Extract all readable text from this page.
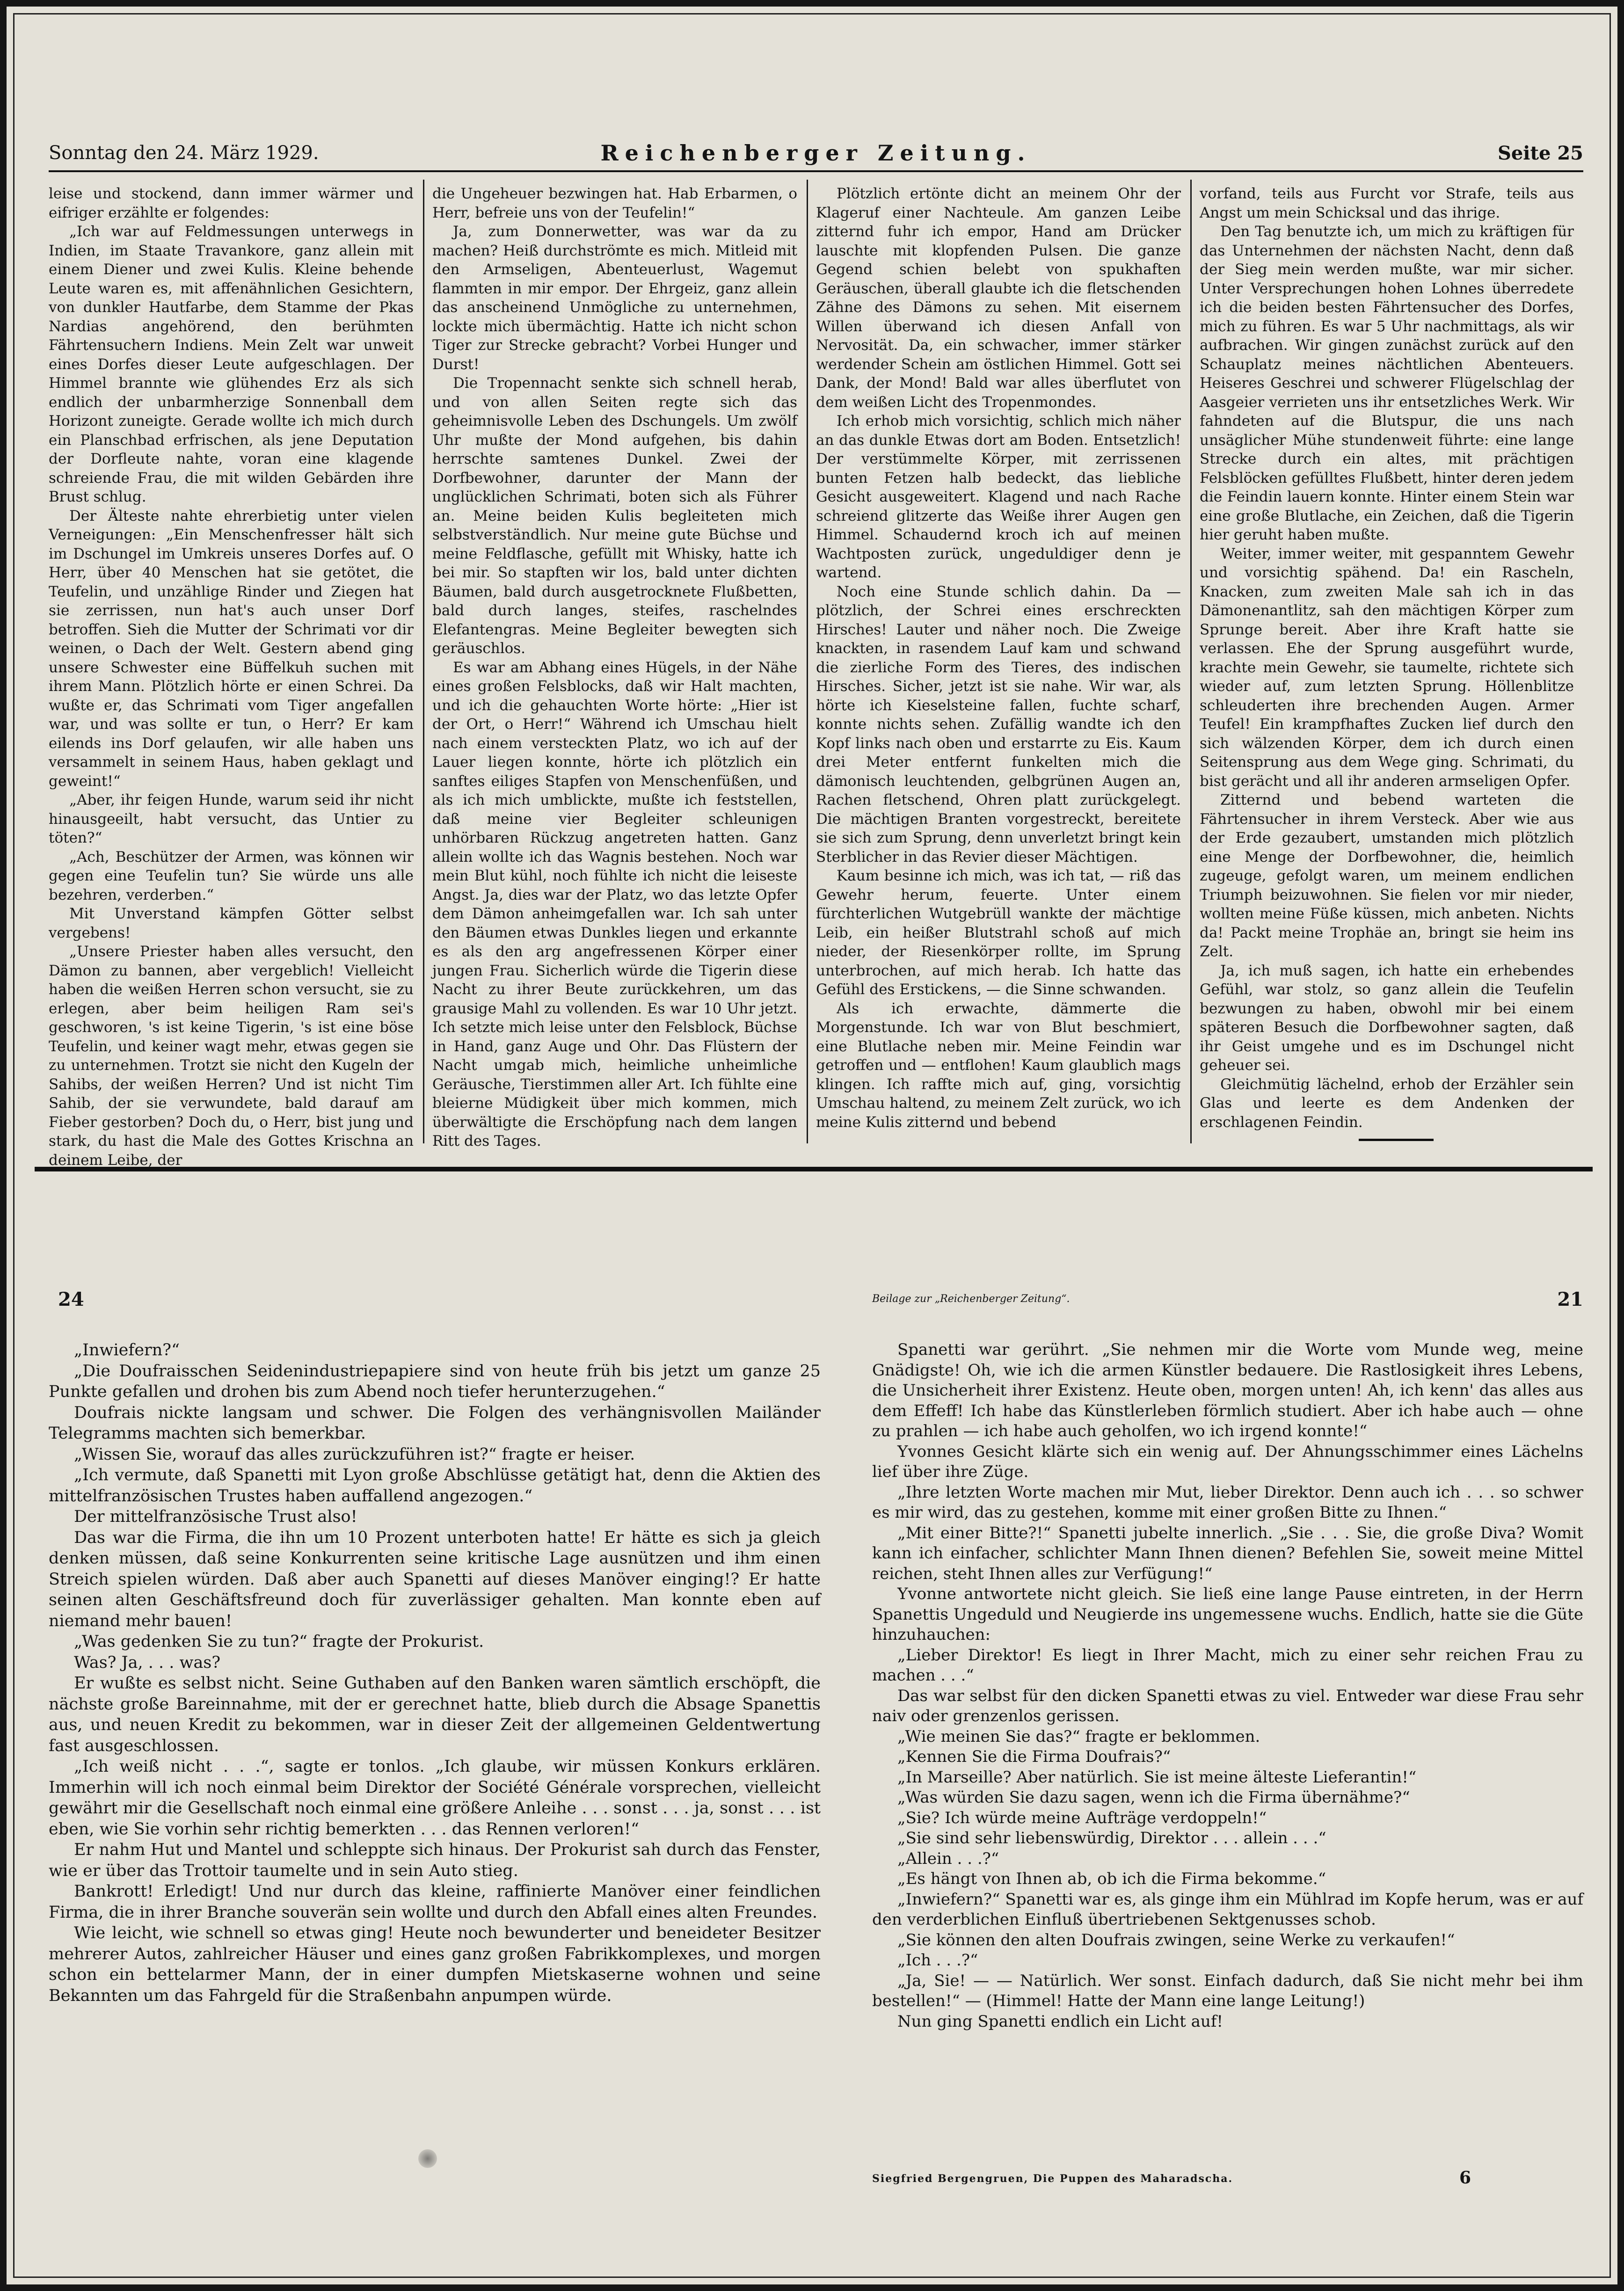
Sonntag den 24. März 1929.	Reichenberger Zeitung.	Seite 25

leise und stockend, dann immer wärmer und eifriger erzählte er folgendes:

„Ich war auf Feldmessungen unterwegs in Indien, im Staate Travankore, ganz allein mit einem Diener und zwei Kulis. Kleine behende Leute waren es, mit affenähnlichen Gesichtern, von dunkler Hautfarbe, dem Stamme der Pkas Nardias angehörend, den berühmten Fährtensuchern Indiens. Mein Zelt war unweit eines Dorfes dieser Leute aufgeschlagen. Der Himmel brannte wie glühendes Erz als sich endlich der unbarmherzige Sonnenball dem Horizont zuneigte. Gerade wollte ich mich durch ein Planschbad erfrischen, als jene Deputation der Dorfleute nahte, voran eine klagende schreiende Frau, die mit wilden Gebärden ihre Brust schlug.

Der Älteste nahte ehrerbietig unter vielen Verneigungen: „Ein Menschenfresser hält sich im Dschungel im Umkreis unseres Dorfes auf. O Herr, über 40 Menschen hat sie getötet, die Teufelin, und unzählige Rinder und Ziegen hat sie zerrissen, nun hat's auch unser Dorf betroffen. Sieh die Mutter der Schrimati vor dir weinen, o Dach der Welt. Gestern abend ging unsere Schwester eine Büffelkuh suchen mit ihrem Mann. Plötzlich hörte er einen Schrei. Da wußte er, das Schrimati vom Tiger angefallen war, und was sollte er tun, o Herr? Er kam eilends ins Dorf gelaufen, wir alle haben uns versammelt in seinem Haus, haben geklagt und geweint!“

„Aber, ihr feigen Hunde, warum seid ihr nicht hinausgeeilt, habt versucht, das Untier zu töten?“

„Ach, Beschützer der Armen, was können wir gegen eine Teufelin tun? Sie würde uns alle bezehren, verderben.“

Mit Unverstand kämpfen Götter selbst vergebens!

„Unsere Priester haben alles versucht, den Dämon zu bannen, aber vergeblich! Vielleicht haben die weißen Herren schon versucht, sie zu erlegen, aber beim heiligen Ram sei's geschworen, 's ist keine Tigerin, 's ist eine böse Teufelin, und keiner wagt mehr, etwas gegen sie zu unternehmen. Trotzt sie nicht den Kugeln der Sahibs, der weißen Herren? Und ist nicht Tim Sahib, der sie verwundete, bald darauf am Fieber gestorben? Doch du, o Herr, bist jung und stark, du hast die Male des Gottes Krischna an deinem Leibe, der

die Ungeheuer bezwingen hat. Hab Erbarmen, o Herr, befreie uns von der Teufelin!“

Ja, zum Donnerwetter, was war da zu machen? Heiß durchströmte es mich. Mitleid mit den Armseligen, Abenteuerlust, Wagemut flammten in mir empor. Der Ehrgeiz, ganz allein das anscheinend Unmögliche zu unternehmen, lockte mich übermächtig. Hatte ich nicht schon Tiger zur Strecke gebracht? Vorbei Hunger und Durst!

Die Tropennacht senkte sich schnell herab, und von allen Seiten regte sich das geheimnisvolle Leben des Dschungels. Um zwölf Uhr mußte der Mond aufgehen, bis dahin herrschte samtenes Dunkel. Zwei der Dorfbewohner, darunter der Mann der unglücklichen Schrimati, boten sich als Führer an. Meine beiden Kulis begleiteten mich selbstverständlich. Nur meine gute Büchse und meine Feldflasche, gefüllt mit Whisky, hatte ich bei mir. So stapften wir los, bald unter dichten Bäumen, bald durch ausgetrocknete Flußbetten, bald durch langes, steifes, raschelndes Elefantengras. Meine Begleiter bewegten sich geräuschlos.

Es war am Abhang eines Hügels, in der Nähe eines großen Felsblocks, daß wir Halt machten, und ich die gehauchten Worte hörte: „Hier ist der Ort, o Herr!“ Während ich Umschau hielt nach einem versteckten Platz, wo ich auf der Lauer liegen konnte, hörte ich plötzlich ein sanftes eiliges Stapfen von Menschenfüßen, und als ich mich umblickte, mußte ich feststellen, daß meine vier Begleiter schleunigen unhörbaren Rückzug angetreten hatten. Ganz allein wollte ich das Wagnis bestehen. Noch war mein Blut kühl, noch fühlte ich nicht die leiseste Angst. Ja, dies war der Platz, wo das letzte Opfer dem Dämon anheimgefallen war. Ich sah unter den Bäumen etwas Dunkles liegen und erkannte es als den arg angefressenen Körper einer jungen Frau. Sicherlich würde die Tigerin diese Nacht zu ihrer Beute zurückkehren, um das grausige Mahl zu vollenden. Es war 10 Uhr jetzt. Ich setzte mich leise unter den Felsblock, Büchse in Hand, ganz Auge und Ohr. Das Flüstern der Nacht umgab mich, heimliche unheimliche Geräusche, Tierstimmen aller Art. Ich fühlte eine bleierne Müdigkeit über mich kommen, mich überwältigte die Erschöpfung nach dem langen Ritt des Tages.

Plötzlich ertönte dicht an meinem Ohr der Klageruf einer Nachteule. Am ganzen Leibe zitternd fuhr ich empor, Hand am Drücker lauschte mit klopfenden Pulsen. Die ganze Gegend schien belebt von spukhaften Geräuschen, überall glaubte ich die fletschenden Zähne des Dämons zu sehen. Mit eisernem Willen überwand ich diesen Anfall von Nervosität. Da, ein schwacher, immer stärker werdender Schein am östlichen Himmel. Gott sei Dank, der Mond! Bald war alles überflutet von dem weißen Licht des Tropenmondes.

Ich erhob mich vorsichtig, schlich mich näher an das dunkle Etwas dort am Boden. Entsetzlich! Der verstümmelte Körper, mit zerrissenen bunten Fetzen halb bedeckt, das liebliche Gesicht ausgeweitert. Klagend und nach Rache schreiend glitzerte das Weiße ihrer Augen gen Himmel. Schaudernd kroch ich auf meinen Wachtposten zurück, ungeduldiger denn je wartend.

Noch eine Stunde schlich dahin. Da — plötzlich, der Schrei eines erschreckten Hirsches! Lauter und näher noch. Die Zweige knackten, in rasendem Lauf kam und schwand die zierliche Form des Tieres, des indischen Hirsches. Sicher, jetzt ist sie nahe. Wir war, als hörte ich Kieselsteine fallen, fuchte scharf, konnte nichts sehen. Zufällig wandte ich den Kopf links nach oben und erstarrte zu Eis. Kaum drei Meter entfernt funkelten mich die dämonisch leuchtenden, gelbgrünen Augen an, Rachen fletschend, Ohren platt zurückgelegt. Die mächtigen Branten vorgestreckt, bereitete sie sich zum Sprung, denn unverletzt bringt kein Sterblicher in das Revier dieser Mächtigen.

Kaum besinne ich mich, was ich tat, — riß das Gewehr herum, feuerte. Unter einem fürchterlichen Wutgebrüll wankte der mächtige Leib, ein heißer Blutstrahl schoß auf mich nieder, der Riesenkörper rollte, im Sprung unterbrochen, auf mich herab. Ich hatte das Gefühl des Erstickens, — die Sinne schwanden.

Als ich erwachte, dämmerte die Morgenstunde. Ich war von Blut beschmiert, eine Blutlache neben mir. Meine Feindin war getroffen und — entflohen! Kaum glaublich mags klingen. Ich raffte mich auf, ging, vorsichtig Umschau haltend, zu meinem Zelt zurück, wo ich meine Kulis zitternd und bebend

vorfand, teils aus Furcht vor Strafe, teils aus Angst um mein Schicksal und das ihrige.

Den Tag benutzte ich, um mich zu kräftigen für das Unternehmen der nächsten Nacht, denn daß der Sieg mein werden mußte, war mir sicher. Unter Versprechungen hohen Lohnes überredete ich die beiden besten Fährtensucher des Dorfes, mich zu führen. Es war 5 Uhr nachmittags, als wir aufbrachen. Wir gingen zunächst zurück auf den Schauplatz meines nächtlichen Abenteuers. Heiseres Geschrei und schwerer Flügelschlag der Aasgeier verrieten uns ihr entsetzliches Werk. Wir fahndeten auf die Blutspur, die uns nach unsäglicher Mühe stundenweit führte: eine lange Strecke durch ein altes, mit prächtigen Felsblöcken gefülltes Flußbett, hinter deren jedem die Feindin lauern konnte. Hinter einem Stein war eine große Blutlache, ein Zeichen, daß die Tigerin hier geruht haben mußte.

Weiter, immer weiter, mit gespanntem Gewehr und vorsichtig spähend. Da! ein Rascheln, Knacken, zum zweiten Male sah ich in das Dämonenantlitz, sah den mächtigen Körper zum Sprunge bereit. Aber ihre Kraft hatte sie verlassen. Ehe der Sprung ausgeführt wurde, krachte mein Gewehr, sie taumelte, richtete sich wieder auf, zum letzten Sprung. Höllenblitze schleuderten ihre brechenden Augen. Armer Teufel! Ein krampfhaftes Zucken lief durch den sich wälzenden Körper, dem ich durch einen Seitensprung aus dem Wege ging. Schrimati, du bist gerächt und all ihr anderen armseligen Opfer.

Zitternd und bebend warteten die Fährtensucher in ihrem Versteck. Aber wie aus der Erde gezaubert, umstanden mich plötzlich eine Menge der Dorfbewohner, die, heimlich zugeuge, gefolgt waren, um meinem endlichen Triumph beizuwohnen. Sie fielen vor mir nieder, wollten meine Füße küssen, mich anbeten. Nichts da! Packt meine Trophäe an, bringt sie heim ins Zelt.

Ja, ich muß sagen, ich hatte ein erhebendes Gefühl, war stolz, so ganz allein die Teufelin bezwungen zu haben, obwohl mir bei einem späteren Besuch die Dorfbewohner sagten, daß ihr Geist umgehe und es im Dschungel nicht geheuer sei.

Gleichmütig lächelnd, erhob der Erzähler sein Glas und leerte es dem Andenken der erschlagenen Feindin.

24

„Inwiefern?“

„Die Doufraisschen Seidenindustriepapiere sind von heute früh bis jetzt um ganze 25 Punkte gefallen und drohen bis zum Abend noch tiefer herunterzugehen.“

Doufrais nickte langsam und schwer. Die Folgen des verhängnisvollen Mailänder Telegramms machten sich bemerkbar.

„Wissen Sie, worauf das alles zurückzuführen ist?“ fragte er heiser.

„Ich vermute, daß Spanetti mit Lyon große Abschlüsse getätigt hat, denn die Aktien des mittelfranzösischen Trustes haben auffallend angezogen.“

Der mittelfranzösische Trust also!

Das war die Firma, die ihn um 10 Prozent unterboten hatte! Er hätte es sich ja gleich denken müssen, daß seine Konkurrenten seine kritische Lage ausnützen und ihm einen Streich spielen würden. Daß aber auch Spanetti auf dieses Manöver einging!? Er hatte seinen alten Geschäftsfreund doch für zuverlässiger gehalten. Man konnte eben auf niemand mehr bauen!

„Was gedenken Sie zu tun?“ fragte der Prokurist.

Was? Ja, . . . was?

Er wußte es selbst nicht. Seine Guthaben auf den Banken waren sämtlich erschöpft, die nächste große Bareinnahme, mit der er gerechnet hatte, blieb durch die Absage Spanettis aus, und neuen Kredit zu bekommen, war in dieser Zeit der allgemeinen Geldentwertung fast ausgeschlossen.

„Ich weiß nicht . . .“, sagte er tonlos. „Ich glaube, wir müssen Konkurs erklären. Immerhin will ich noch einmal beim Direktor der Société Générale vorsprechen, vielleicht gewährt mir die Gesellschaft noch einmal eine größere Anleihe . . . sonst . . . ja, sonst . . . ist eben, wie Sie vorhin sehr richtig bemerkten . . . das Rennen verloren!“

Er nahm Hut und Mantel und schleppte sich hinaus. Der Prokurist sah durch das Fenster, wie er über das Trottoir taumelte und in sein Auto stieg.

Bankrott! Erledigt! Und nur durch das kleine, raffinierte Manöver einer feindlichen Firma, die in ihrer Branche souverän sein wollte und durch den Abfall eines alten Freundes.

Wie leicht, wie schnell so etwas ging! Heute noch bewunderter und beneideter Besitzer mehrerer Autos, zahlreicher Häuser und eines ganz großen Fabrikkomplexes, und morgen schon ein bettelarmer Mann, der in einer dumpfen Mietskaserne wohnen und seine Bekannten um das Fahrgeld für die Straßenbahn anpumpen würde.

Beilage zur „Reichenberger Zeitung“.	21

Spanetti war gerührt. „Sie nehmen mir die Worte vom Munde weg, meine Gnädigste! Oh, wie ich die armen Künstler bedauere. Die Rastlosigkeit ihres Lebens, die Unsicherheit ihrer Existenz. Heute oben, morgen unten! Ah, ich kenn' das alles aus dem Effeff! Ich habe das Künstlerleben förmlich studiert. Aber ich habe auch — ohne zu prahlen — ich habe auch geholfen, wo ich irgend konnte!“

Yvonnes Gesicht klärte sich ein wenig auf. Der Ahnungsschimmer eines Lächelns lief über ihre Züge.

„Ihre letzten Worte machen mir Mut, lieber Direktor. Denn auch ich . . . so schwer es mir wird, das zu gestehen, komme mit einer großen Bitte zu Ihnen.“

„Mit einer Bitte?!“ Spanetti jubelte innerlich. „Sie . . . Sie, die große Diva? Womit kann ich einfacher, schlichter Mann Ihnen dienen? Befehlen Sie, soweit meine Mittel reichen, steht Ihnen alles zur Verfügung!“

Yvonne antwortete nicht gleich. Sie ließ eine lange Pause eintreten, in der Herrn Spanettis Ungeduld und Neugierde ins ungemessene wuchs. Endlich, hatte sie die Güte hinzuhauchen:

„Lieber Direktor! Es liegt in Ihrer Macht, mich zu einer sehr reichen Frau zu machen . . .“

Das war selbst für den dicken Spanetti etwas zu viel. Entweder war diese Frau sehr naiv oder grenzenlos gerissen.

„Wie meinen Sie das?“ fragte er beklommen.

„Kennen Sie die Firma Doufrais?“

„In Marseille? Aber natürlich. Sie ist meine älteste Lieferantin!“

„Was würden Sie dazu sagen, wenn ich die Firma übernähme?“

„Sie? Ich würde meine Aufträge verdoppeln!“

„Sie sind sehr liebenswürdig, Direktor . . . allein . . .“

„Allein . . .?“

„Es hängt von Ihnen ab, ob ich die Firma bekomme.“

„Inwiefern?“ Spanetti war es, als ginge ihm ein Mühlrad im Kopfe herum, was er auf den verderblichen Einfluß übertriebenen Sektgenusses schob.

„Sie können den alten Doufrais zwingen, seine Werke zu verkaufen!“

„Ich . . .?“

„Ja, Sie! — — Natürlich. Wer sonst. Einfach dadurch, daß Sie nicht mehr bei ihm bestellen!“ — (Himmel! Hatte der Mann eine lange Leitung!)

Nun ging Spanetti endlich ein Licht auf!

Siegfried Bergengruen, Die Puppen des Maharadscha.	6
